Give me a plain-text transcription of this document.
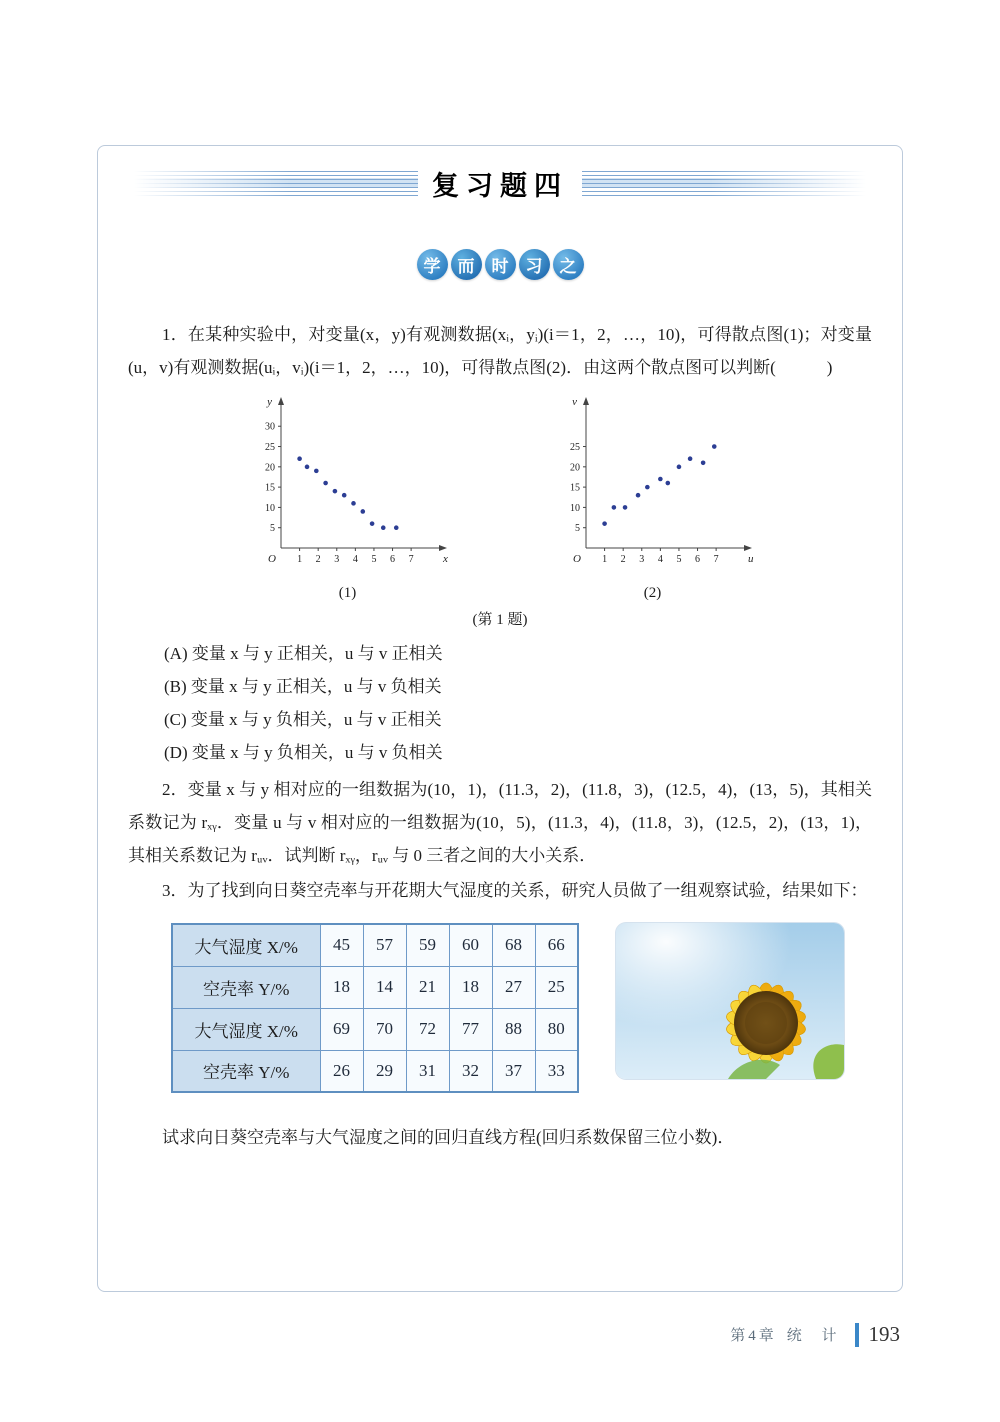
复习题四
学	而	时	习	之

1．在某种实验中，对变量(x，y)有观测数据(xᵢ，yᵢ)(i＝1，2，…，10)，可得散点图(1)；对变量(u，v)有观测数据(uᵢ，vᵢ)(i＝1，2，…，10)，可得散点图(2)．由这两个散点图可以判断(　　　)

5
10
15
20
25
30
1 2 3 4 5 6 7
O	x
y
(1)
5
10
15
20
25
1 2 3 4 5 6 7
O	u
v
(2)
(第 1 题)

(A) 变量 x 与 y 正相关，u 与 v 正相关

(B) 变量 x 与 y 正相关，u 与 v 负相关

(C) 变量 x 与 y 负相关，u 与 v 正相关

(D) 变量 x 与 y 负相关，u 与 v 负相关

2．变量 x 与 y 相对应的一组数据为(10，1)，(11.3，2)，(11.8，3)，(12.5，4)，(13，5)，其相关系数记为 rₓᵧ．变量 u 与 v 相对应的一组数据为(10，5)，(11.3，4)，(11.8，3)，(12.5，2)，(13，1)，其相关系数记为 rᵤᵥ．试判断 rₓᵧ，rᵤᵥ 与 0 三者之间的大小关系．

3．为了找到向日葵空壳率与开花期大气湿度的关系，研究人员做了一组观察试验，结果如下：

大气湿度 X/%	45	57	59	60	68	66
空壳率 Y/%	18	14	21	18	27	25
大气湿度 X/%	69	70	72	77	88	80
空壳率 Y/%	26	29	31	32	37	33

试求向日葵空壳率与大气湿度之间的回归直线方程(回归系数保留三位小数)．

第4章 统 计 193
